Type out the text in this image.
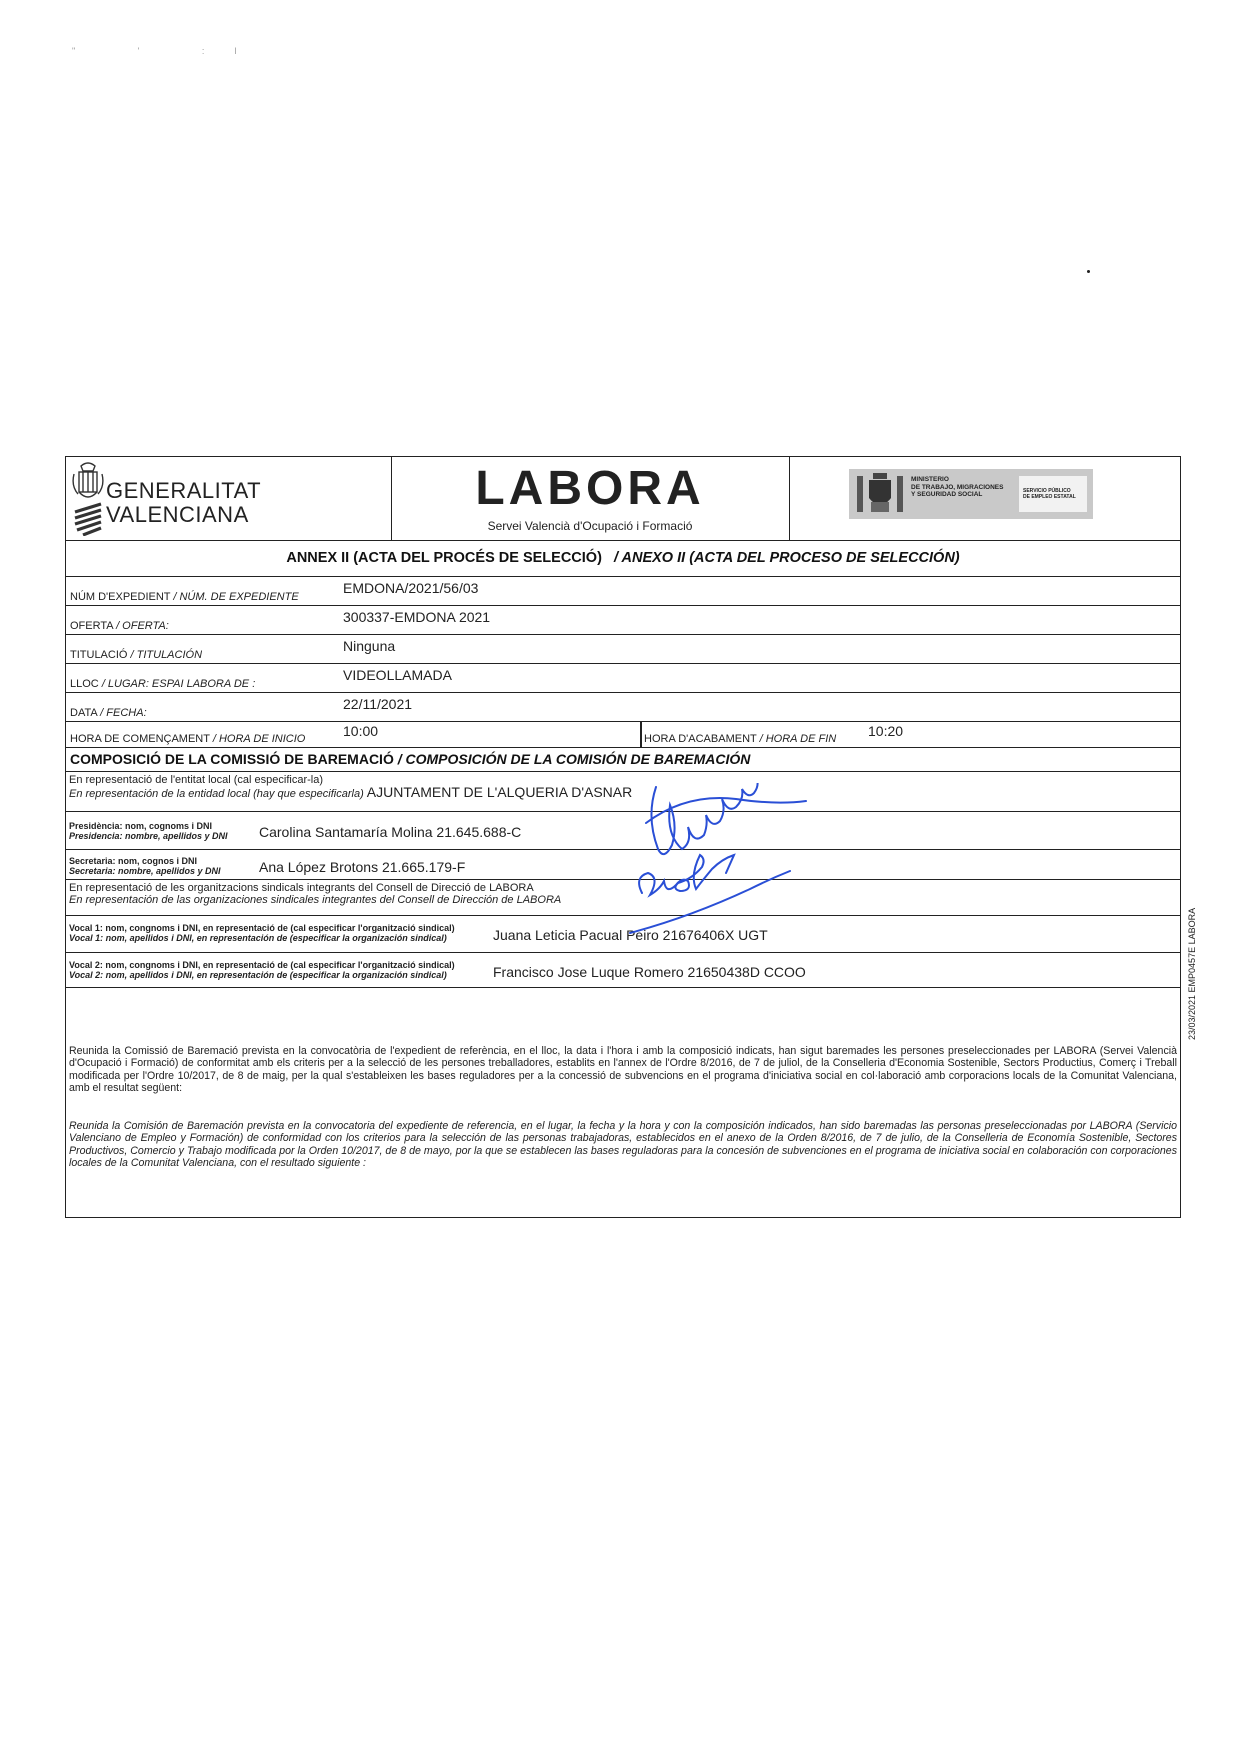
" ' :l
GENERALITAT
VALENCIANA	LABORA
Servei Valencià d'Ocupació i Formació
MINISTERIO
DE TRABAJO, MIGRACIONES
Y SEGURIDAD SOCIAL	SERVICIO PÚBLICO
DE EMPLEO ESTATAL
ANNEX II (ACTA DEL PROCÉS DE SELECCIÓ) / ANEXO II (ACTA DEL PROCESO DE SELECCIÓN)
NÚM D'EXPEDIENT / NÚM. DE EXPEDIENTE
EMDONA/2021/56/03
OFERTA / OFERTA:
300337-EMDONA 2021
TITULACIÓ / TITULACIÓN
Ninguna
LLOC / LUGAR: ESPAI LABORA DE :
VIDEOLLAMADA
DATA / FECHA:
22/11/2021
HORA DE COMENÇAMENT / HORA DE INICIO	10:00	HORA D'ACABAMENT / HORA DE FIN 10:20
COMPOSICIÓ DE LA COMISSIÓ DE BAREMACIÓ / COMPOSICIÓN DE LA COMISIÓN DE BAREMACIÓN
En representació de l'entitat local (cal especificar-la)
En representación de la entidad local (hay que especificarla) AJUNTAMENT DE L'ALQUERIA D'ASNAR
Presidència: nom, cognoms i DNI
Presidencia: nombre, apellidos y DNI Carolina Santamaría Molina 21.645.688-C
Secretaria: nom, cognos i DNI
Secretaria: nombre, apellidos y DNI	Ana López Brotons 21.665.179-F
En representació de les organitzacions sindicals integrants del Consell de Direcció de LABORA
En representación de las organizaciones sindicales integrantes del Consell de Dirección de LABORA
Vocal 1: nom, congnoms i DNI, en representació de (cal especificar l'organització sindical)
Vocal 1: nom, apellidos i DNI, en representación de (especificar la organización sindical)	Juana Leticia Pacual Peiro 21676406X UGT
Vocal 2: nom, congnoms i DNI, en representació de (cal especificar l'organització sindical)
Vocal 2: nom, apellidos i DNI, en representación de (especificar la organización sindical)	Francisco Jose Luque Romero 21650438D CCOO
Reunida la Comissió de Baremació prevista en la convocatòria de l'expedient de referència, en el lloc, la data i l'hora i amb la composició indicats, han sigut baremades les persones preseleccionades per LABORA (Servei Valencià d'Ocupació i Formació) de conformitat amb els criteris per a la selecció de les persones treballadores, establits en l'annex de l'Ordre 8/2016, de 7 de juliol, de la Conselleria d'Economia Sostenible, Sectors Productius, Comerç i Treball modificada per l'Ordre 10/2017, de 8 de maig, per la qual s'estableixen les bases reguladores per a la concessió de subvencions en el programa d'iniciativa social en col·laboració amb corporacions locals de la Comunitat Valenciana, amb el resultat següent:
Reunida la Comisión de Baremación prevista en la convocatoria del expediente de referencia, en el lugar, la fecha y la hora y con la composición indicados, han sido baremadas las personas preseleccionadas por LABORA (Servicio Valenciano de Empleo y Formación) de conformidad con los criterios para la selección de las personas trabajadoras, establecidos en el anexo de la Orden 8/2016, de 7 de julio, de la Conselleria de Economía Sostenible, Sectores Productivos, Comercio y Trabajo modificada por la Orden 10/2017, de 8 de mayo, por la que se establecen las bases reguladoras para la concesión de subvenciones en el programa de iniciativa social en colaboración con corporaciones locales de la Comunitat Valenciana, con el resultado siguiente :
23/03/2021 EMP0457E LABORA
